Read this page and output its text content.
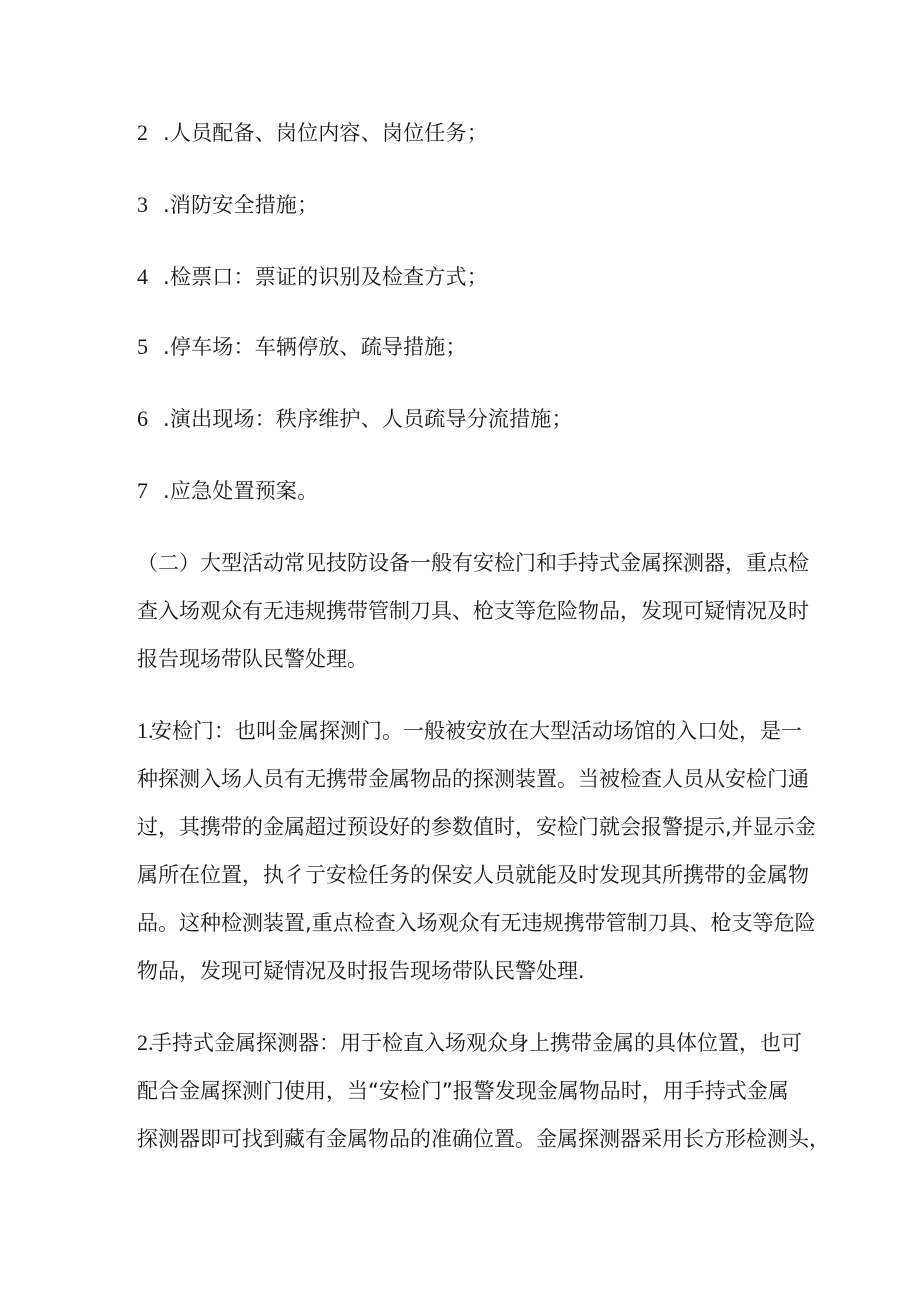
2.人员配备、岗位内容、岗位任务；
3.消防安全措施；
4.检票口：票证的识别及检查方式；
5.停车场：车辆停放、疏导措施；
6.演出现场：秩序维护、人员疏导分流措施；
7.应急处置预案。
（二）大型活动常见技防设备一般有安检门和手持式金属探测器，重点检
查入场观众有无违规携带管制刀具、枪支等危险物品，发现可疑情况及时
报告现场带队民警处理。
1.安检门：也叫金属探测门。一般被安放在大型活动场馆的入口处，是一
种探测入场人员有无携带金属物品的探测装置。当被检查人员从安检门通
过，其携带的金属超过预设好的参数值时，安检门就会报警提示,并显示金
属所在位置，执彳亍安检任务的保安人员就能及时发现其所携带的金属物
品。这种检测装置,重点检查入场观众有无违规携带管制刀具、枪支等危险
物品，发现可疑情况及时报告现场带队民警处理.
2.手持式金属探测器：用于检直入场观众身上携带金属的具体位置，也可
配合金属探测门使用，当“安检门”报警发现金属物品时，用手持式金属
探测器即可找到藏有金属物品的准确位置。金属探测器采用长方形检测头，
